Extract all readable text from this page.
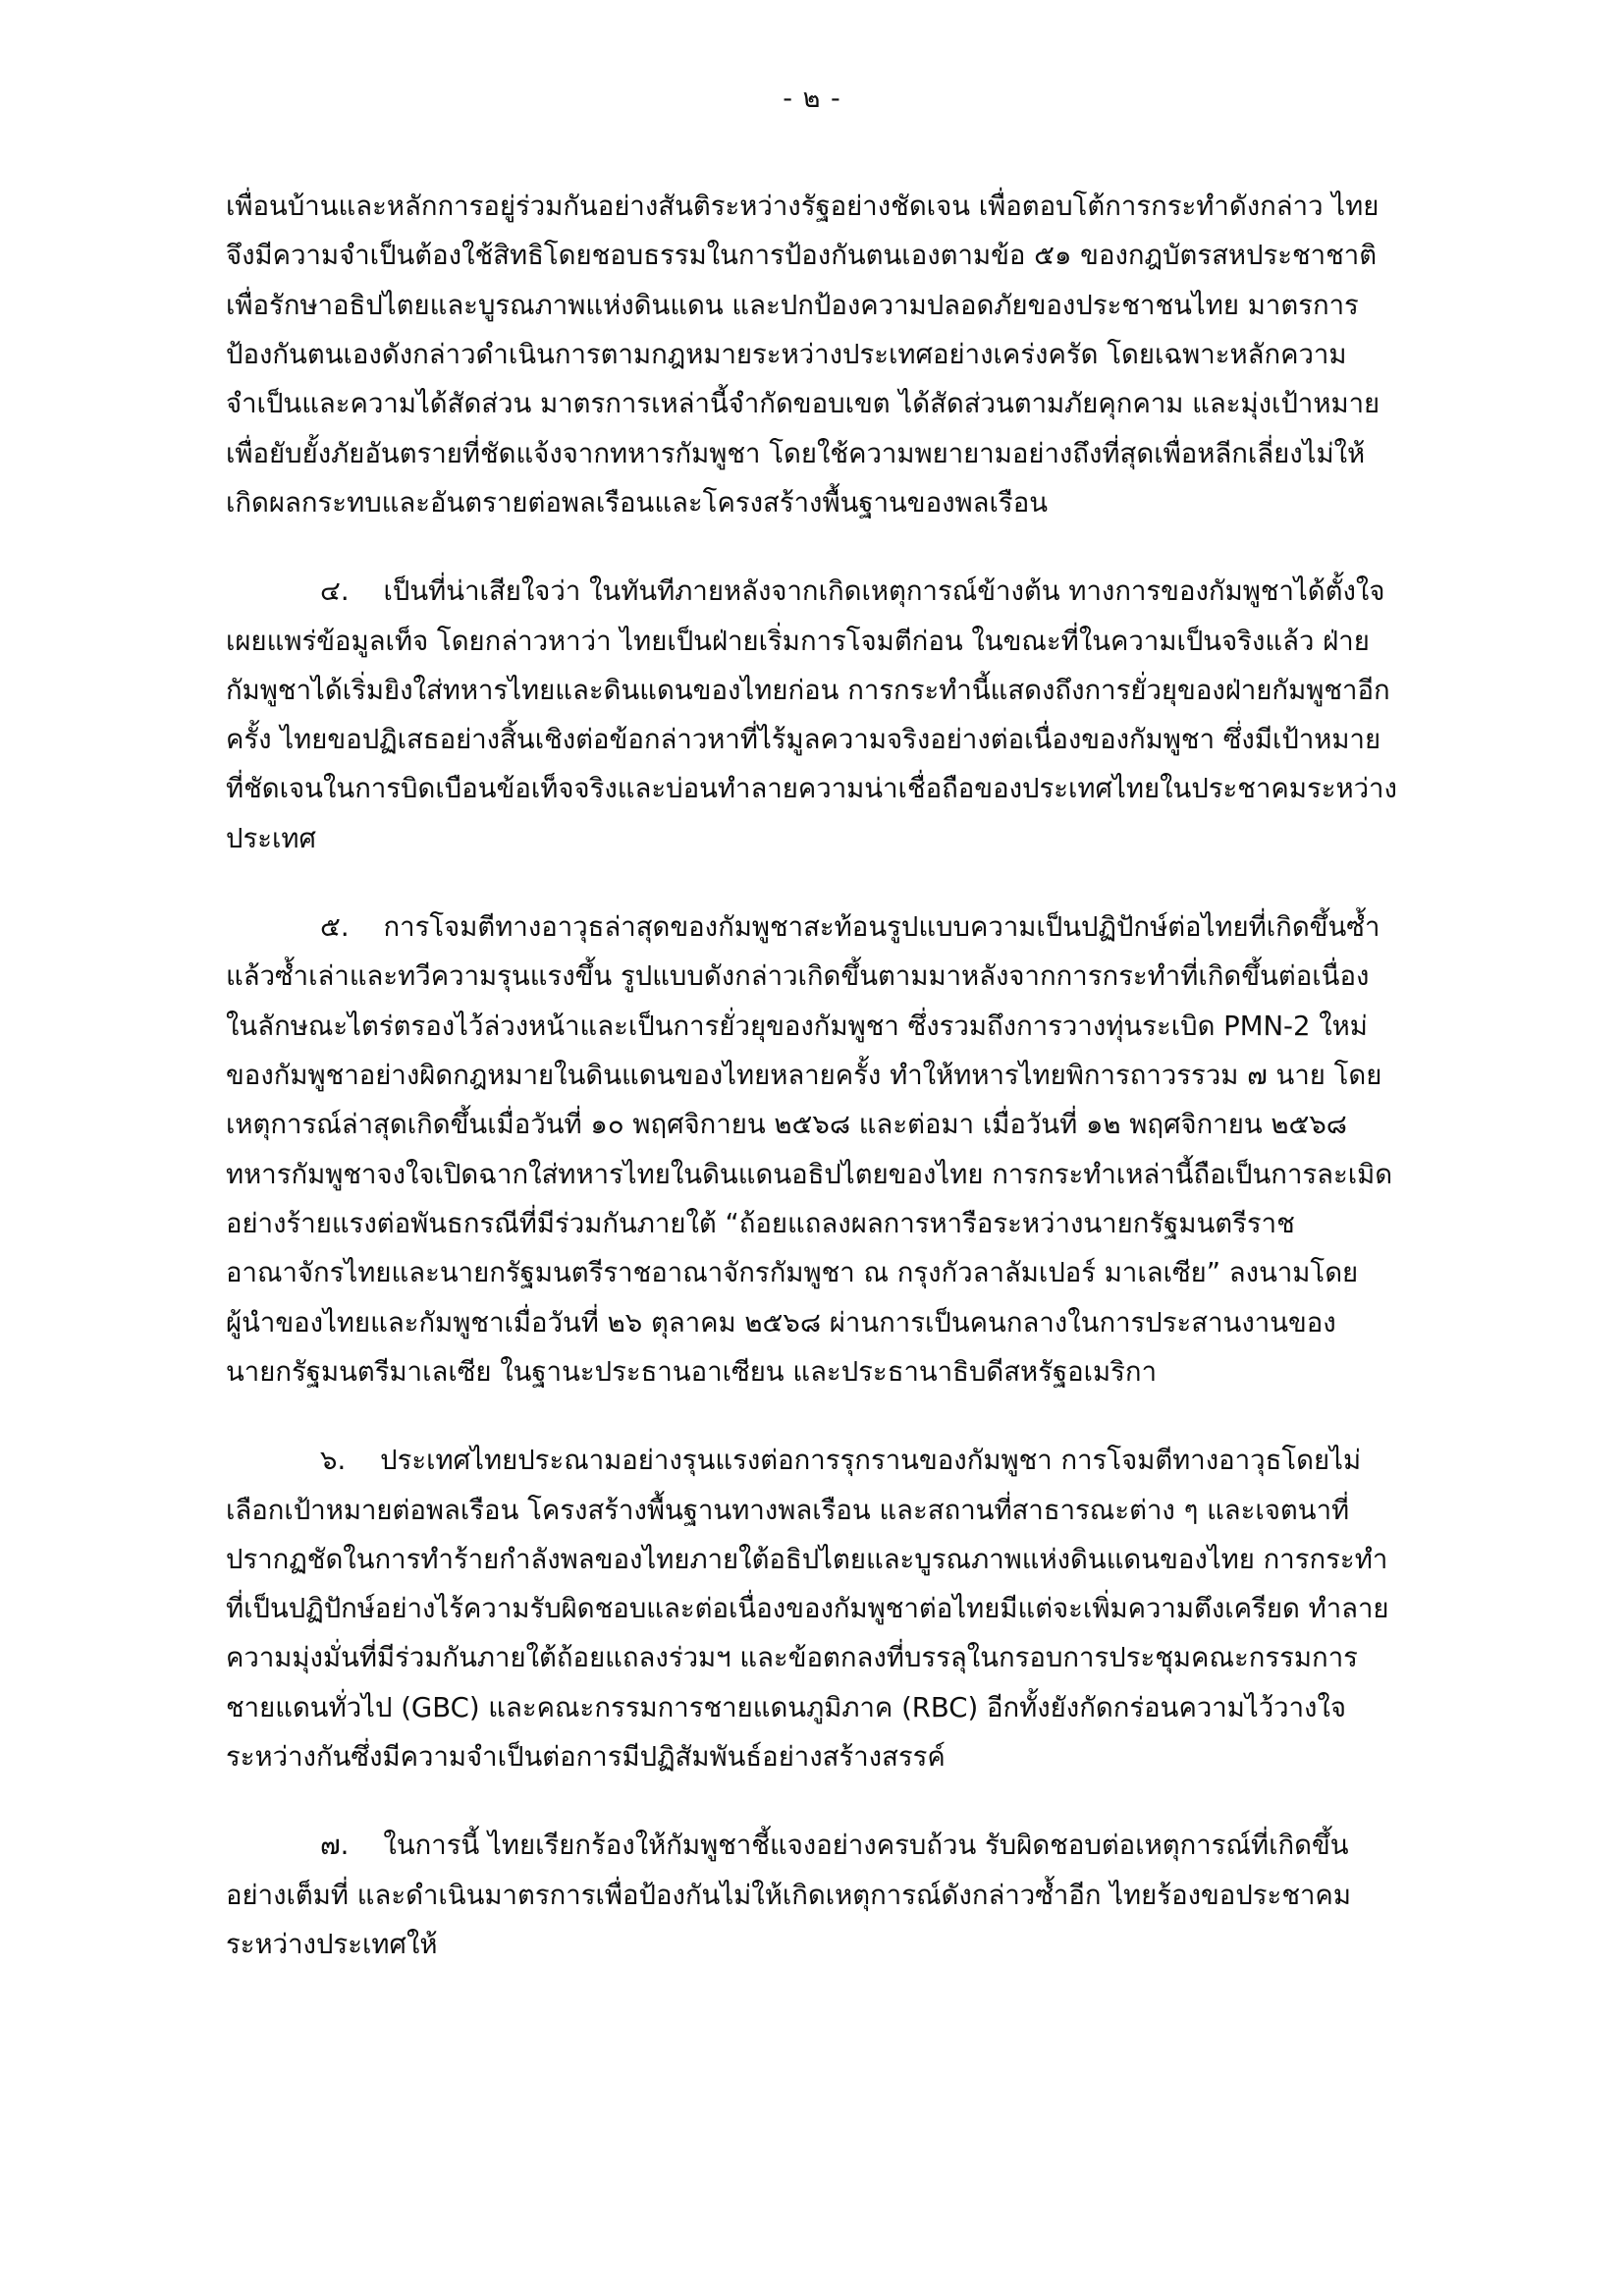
- ๒ -

เพื่อนบ้านและหลักการอยู่ร่วมกันอย่างสันติระหว่างรัฐอย่างชัดเจน เพื่อตอบโต้การกระทำดังกล่าว ไทยจึงมีความจำเป็นต้องใช้สิทธิโดยชอบธรรมในการป้องกันตนเองตามข้อ ๕๑ ของกฎบัตรสหประชาชาติเพื่อรักษาอธิปไตยและบูรณภาพแห่งดินแดน และปกป้องความปลอดภัยของประชาชนไทย มาตรการป้องกันตนเองดังกล่าวดำเนินการตามกฎหมายระหว่างประเทศอย่างเคร่งครัด โดยเฉพาะหลักความจำเป็นและความได้สัดส่วน มาตรการเหล่านี้จำกัดขอบเขต ได้สัดส่วนตามภัยคุกคาม และมุ่งเป้าหมายเพื่อยับยั้งภัยอันตรายที่ชัดแจ้งจากทหารกัมพูชา โดยใช้ความพยายามอย่างถึงที่สุดเพื่อหลีกเลี่ยงไม่ให้เกิดผลกระทบและอันตรายต่อพลเรือนและโครงสร้างพื้นฐานของพลเรือน

๔.    เป็นที่น่าเสียใจว่า ในทันทีภายหลังจากเกิดเหตุการณ์ข้างต้น ทางการของกัมพูชาได้ตั้งใจเผยแพร่ข้อมูลเท็จ โดยกล่าวหาว่า ไทยเป็นฝ่ายเริ่มการโจมตีก่อน ในขณะที่ในความเป็นจริงแล้ว ฝ่ายกัมพูชาได้เริ่มยิงใส่ทหารไทยและดินแดนของไทยก่อน การกระทำนี้แสดงถึงการยั่วยุของฝ่ายกัมพูชาอีกครั้ง ไทยขอปฏิเสธอย่างสิ้นเชิงต่อข้อกล่าวหาที่ไร้มูลความจริงอย่างต่อเนื่องของกัมพูชา ซึ่งมีเป้าหมายที่ชัดเจนในการบิดเบือนข้อเท็จจริงและบ่อนทำลายความน่าเชื่อถือของประเทศไทยในประชาคมระหว่างประเทศ

๕.    การโจมตีทางอาวุธล่าสุดของกัมพูชาสะท้อนรูปแบบความเป็นปฏิปักษ์ต่อไทยที่เกิดขึ้นซ้ำแล้วซ้ำเล่าและทวีความรุนแรงขึ้น รูปแบบดังกล่าวเกิดขึ้นตามมาหลังจากการกระทำที่เกิดขึ้นต่อเนื่องในลักษณะไตร่ตรองไว้ล่วงหน้าและเป็นการยั่วยุของกัมพูชา ซึ่งรวมถึงการวางทุ่นระเบิด PMN-2 ใหม่ของกัมพูชาอย่างผิดกฎหมายในดินแดนของไทยหลายครั้ง ทำให้ทหารไทยพิการถาวรรวม ๗ นาย โดยเหตุการณ์ล่าสุดเกิดขึ้นเมื่อวันที่ ๑๐ พฤศจิกายน ๒๕๖๘ และต่อมา เมื่อวันที่ ๑๒ พฤศจิกายน ๒๕๖๘ ทหารกัมพูชาจงใจเปิดฉากใส่ทหารไทยในดินแดนอธิปไตยของไทย การกระทำเหล่านี้ถือเป็นการละเมิดอย่างร้ายแรงต่อพันธกรณีที่มีร่วมกันภายใต้ “ถ้อยแถลงผลการหารือระหว่างนายกรัฐมนตรีราชอาณาจักรไทยและนายกรัฐมนตรีราชอาณาจักรกัมพูชา ณ กรุงกัวลาลัมเปอร์ มาเลเซีย” ลงนามโดยผู้นำของไทยและกัมพูชาเมื่อวันที่ ๒๖ ตุลาคม ๒๕๖๘ ผ่านการเป็นคนกลางในการประสานงานของนายกรัฐมนตรีมาเลเซีย ในฐานะประธานอาเซียน และประธานาธิบดีสหรัฐอเมริกา

๖.    ประเทศไทยประณามอย่างรุนแรงต่อการรุกรานของกัมพูชา การโจมตีทางอาวุธโดยไม่เลือกเป้าหมายต่อพลเรือน โครงสร้างพื้นฐานทางพลเรือน และสถานที่สาธารณะต่าง ๆ และเจตนาที่ปรากฏชัดในการทำร้ายกำลังพลของไทยภายใต้อธิปไตยและบูรณภาพแห่งดินแดนของไทย การกระทำที่เป็นปฏิปักษ์อย่างไร้ความรับผิดชอบและต่อเนื่องของกัมพูชาต่อไทยมีแต่จะเพิ่มความตึงเครียด ทำลายความมุ่งมั่นที่มีร่วมกันภายใต้ถ้อยแถลงร่วมฯ และข้อตกลงที่บรรลุในกรอบการประชุมคณะกรรมการชายแดนทั่วไป (GBC) และคณะกรรมการชายแดนภูมิภาค (RBC) อีกทั้งยังกัดกร่อนความไว้วางใจระหว่างกันซึ่งมีความจำเป็นต่อการมีปฏิสัมพันธ์อย่างสร้างสรรค์

๗.    ในการนี้ ไทยเรียกร้องให้กัมพูชาชี้แจงอย่างครบถ้วน รับผิดชอบต่อเหตุการณ์ที่เกิดขึ้นอย่างเต็มที่ และดำเนินมาตรการเพื่อป้องกันไม่ให้เกิดเหตุการณ์ดังกล่าวซ้ำอีก ไทยร้องขอประชาคมระหว่างประเทศให้
